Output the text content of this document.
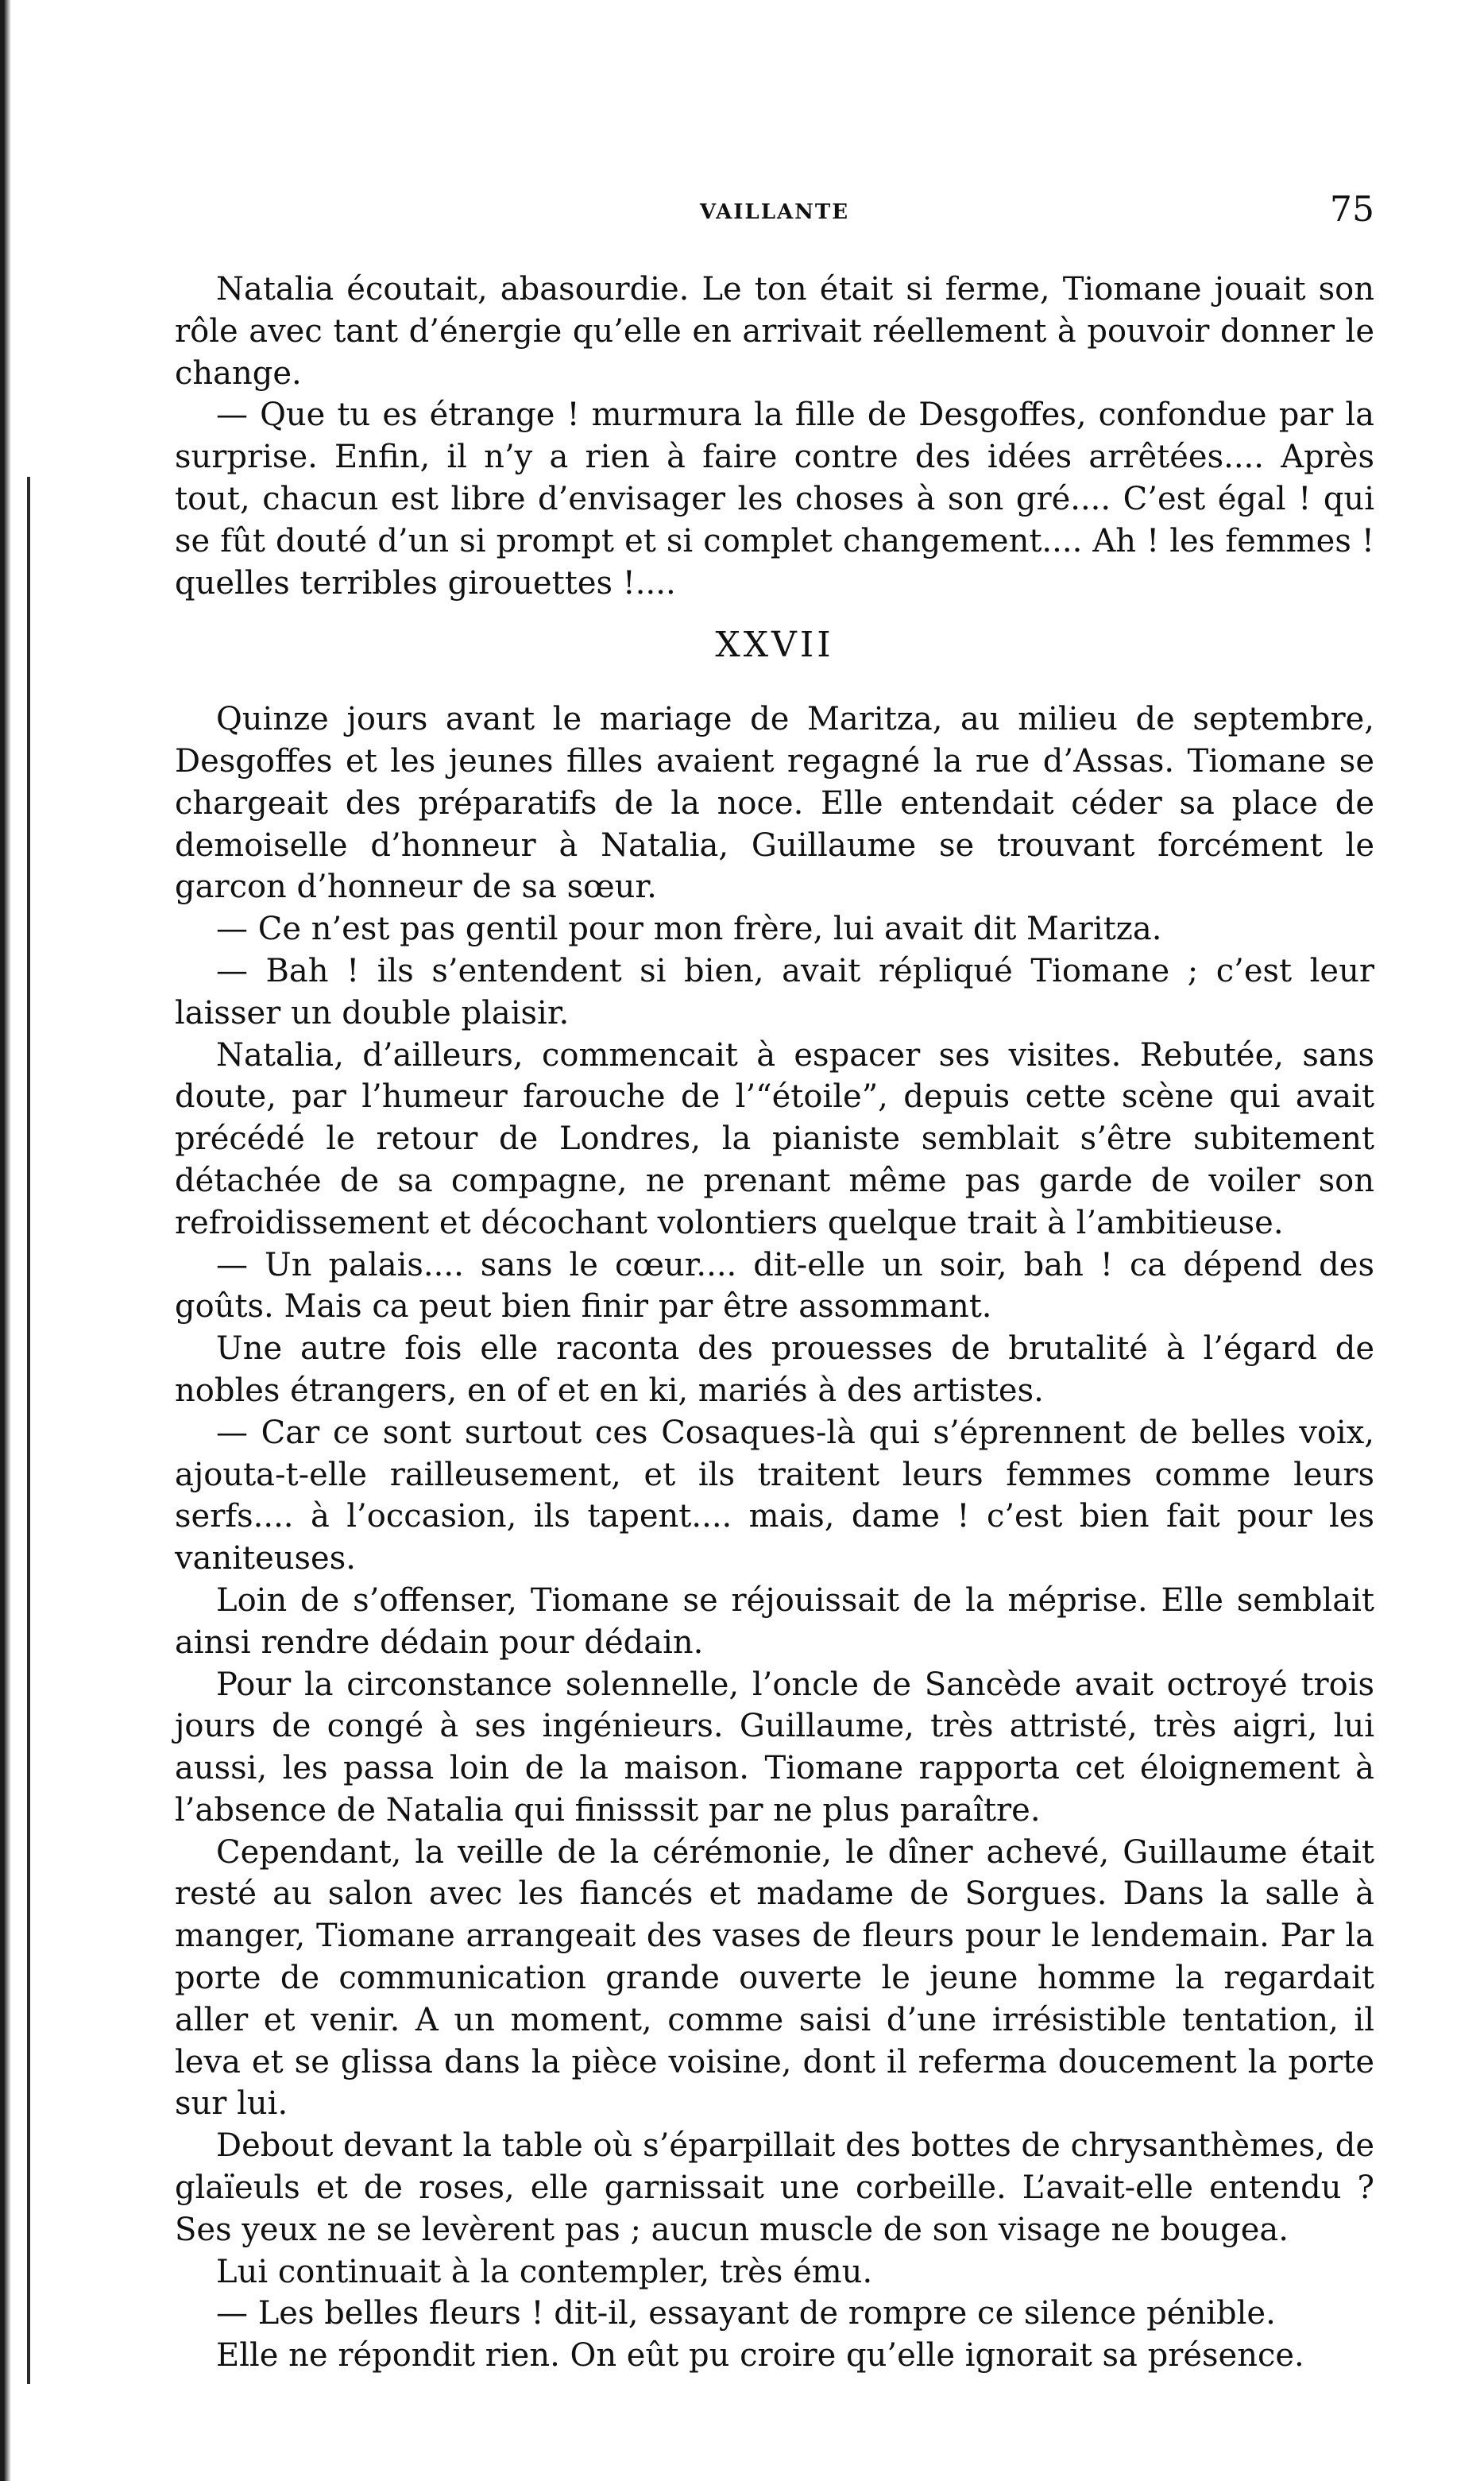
VAILLANTE	75

Natalia écoutait, abasourdie. Le ton était si ferme, Tiomane jouait son rôle avec tant d’énergie qu’elle en arrivait réellement à pouvoir donner le change.

— Que tu es étrange ! murmura la fille de Desgoffes, confondue par la surprise. Enfin, il n’y a rien à faire contre des idées arrêtées.... Après tout, chacun est libre d’envisager les choses à son gré.... C’est égal ! qui se fût douté d’un si prompt et si complet changement.... Ah ! les femmes ! quelles terribles girouettes !....

XXVII

Quinze jours avant le mariage de Maritza, au milieu de septembre, Desgoffes et les jeunes filles avaient regagné la rue d’Assas. Tiomane se chargeait des préparatifs de la noce. Elle entendait céder sa place de demoiselle d’honneur à Natalia, Guillaume se trouvant forcément le garcon d’honneur de sa sœur.

— Ce n’est pas gentil pour mon frère, lui avait dit Maritza.

— Bah ! ils s’entendent si bien, avait répliqué Tiomane ; c’est leur laisser un double plaisir.

Natalia, d’ailleurs, commencait à espacer ses visites. Rebutée, sans doute, par l’humeur farouche de l’“étoile”, depuis cette scène qui avait précédé le retour de Londres, la pianiste semblait s’être subitement détachée de sa compagne, ne prenant même pas garde de voiler son refroidissement et décochant volontiers quelque trait à l’ambitieuse.

— Un palais.... sans le cœur.... dit-elle un soir, bah ! ca dépend des goûts. Mais ca peut bien finir par être assommant.

Une autre fois elle raconta des prouesses de brutalité à l’égard de nobles étrangers, en of et en ki, mariés à des artistes.

— Car ce sont surtout ces Cosaques-là qui s’éprennent de belles voix, ajouta-t-elle railleusement, et ils traitent leurs femmes comme leurs serfs.... à l’occasion, ils tapent.... mais, dame ! c’est bien fait pour les vaniteuses.

Loin de s’offenser, Tiomane se réjouissait de la méprise. Elle semblait ainsi rendre dédain pour dédain.

Pour la circonstance solennelle, l’oncle de Sancède avait octroyé trois jours de congé à ses ingénieurs. Guillaume, très attristé, très aigri, lui aussi, les passa loin de la maison. Tiomane rapporta cet éloignement à l’absence de Natalia qui finisssit par ne plus paraître.

Cependant, la veille de la cérémonie, le dîner achevé, Guillaume était resté au salon avec les fiancés et madame de Sorgues. Dans la salle à manger, Tiomane arrangeait des vases de fleurs pour le lendemain. Par la porte de communication grande ouverte le jeune homme la regardait aller et venir. A un moment, comme saisi d’une irrésistible tentation, il leva et se glissa dans la pièce voisine, dont il referma doucement la porte sur lui.

Debout devant la table où s’éparpillait des bottes de chrysanthèmes, de glaïeuls et de roses, elle garnissait une corbeille. L’avait-elle entendu ? Ses yeux ne se levèrent pas ; aucun muscle de son visage ne bougea.

Lui continuait à la contempler, très ému.

— Les belles fleurs ! dit-il, essayant de rompre ce silence pénible.

Elle ne répondit rien. On eût pu croire qu’elle ignorait sa présence.
